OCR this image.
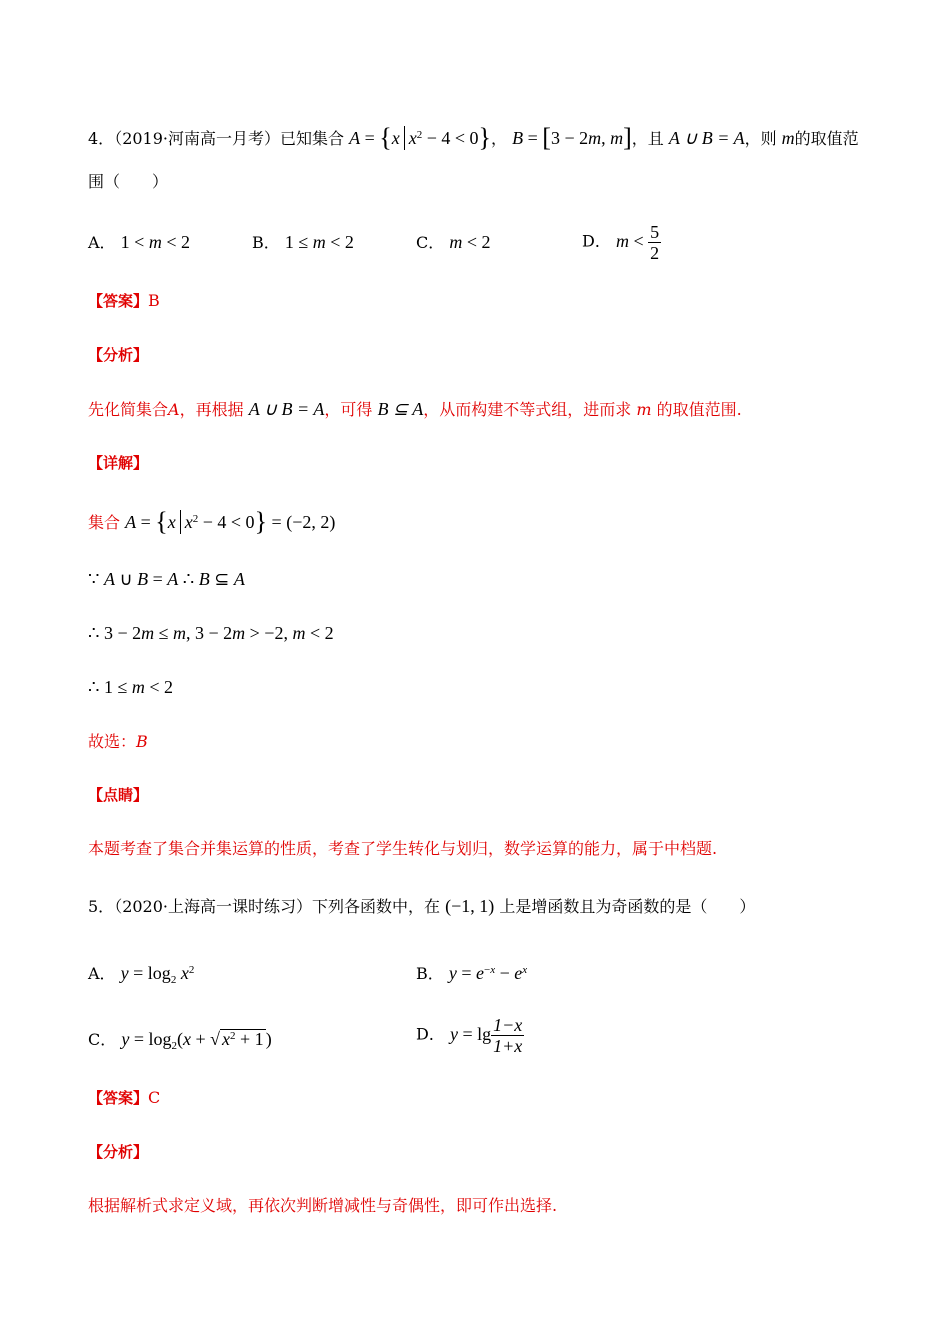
4．（2019·河南高一月考）已知集合 A = {x $x^2 - 4 < 0$}， B = [3 − 2m, m]，且 A ∪ B = A，则 m的取值范
围（　　）
A． 1 < m < 2	B． 1 ≤ m < 2	C． m < 2	D． $m < \frac{5}{2}$
【答案】B
【分析】
先化简集合A，再根据 A ∪ B = A，可得 B ⊆ A，从而构建不等式组，进而求 m 的取值范围.
【详解】
集合 A = {x $x^2 - 4 < 0\} = (-2$, 2)
∵ A ∪ B = A ∴ B ⊆ A
∴ 3 − 2m ≤ m, 3 − 2m > −2, m < 2
∴ 1 ≤ m < 2
故选：B
【点睛】
本题考查了集合并集运算的性质，考查了学生转化与划归，数学运算的能力，属于中档题.
5．（2020·上海高一课时练习）下列各函数中，在 (−1, 1) 上是增函数且为奇函数的是（　　）
A． $y = \log_2 x^2$	B． $y = e^{-x} - e^x$
C． $y = \log_2(x$ + √ $x^2 + 1$ )	D． $y = \lg \frac{1-x}{1+x}$
【答案】C
【分析】
根据解析式求定义域，再依次判断增减性与奇偶性，即可作出选择.
